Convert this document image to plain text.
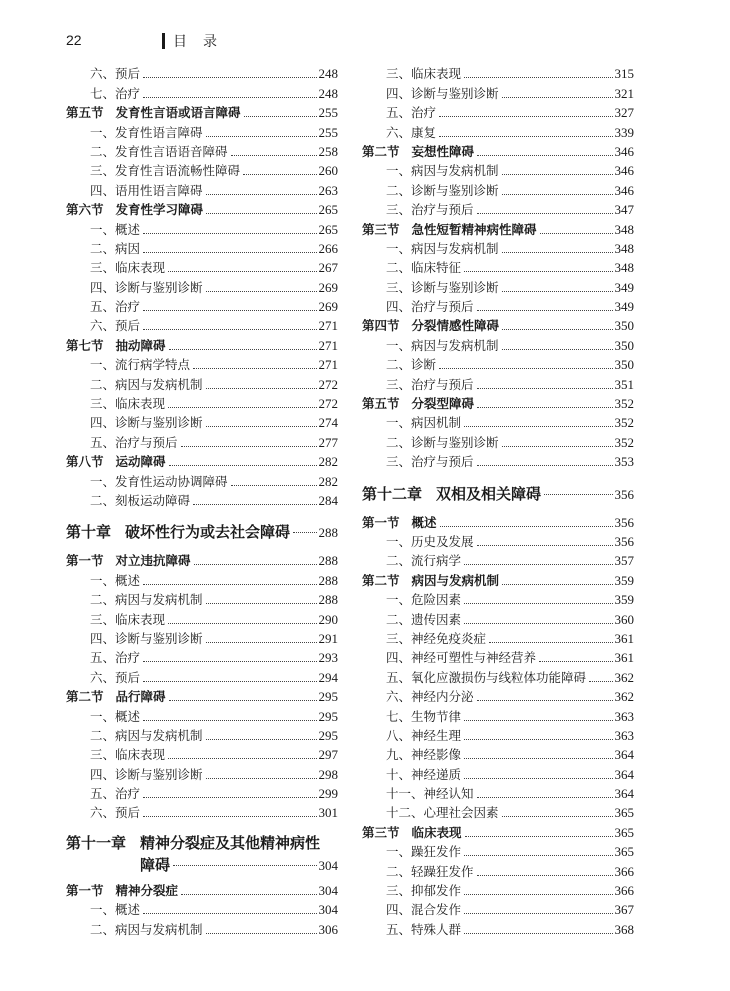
22	目录
六、预后	248
七、治疗	248
第五节 发育性言语或语言障碍	255
一、发育性语言障碍	255
二、发育性言语语音障碍	258
三、发育性言语流畅性障碍	260
四、语用性语言障碍	263
第六节 发育性学习障碍	265
一、概述	265
二、病因	266
三、临床表现	267
四、诊断与鉴别诊断	269
五、治疗	269
六、预后	271
第七节 抽动障碍	271
一、流行病学特点	271
二、病因与发病机制	272
三、临床表现	272
四、诊断与鉴别诊断	274
五、治疗与预后	277
第八节 运动障碍	282
一、发育性运动协调障碍	282
二、刻板运动障碍	284
第十章 破坏性行为或去社会障碍 288
第一节 对立违抗障碍	288
一、概述	288
二、病因与发病机制	288
三、临床表现	290
四、诊断与鉴别诊断	291
五、治疗	293
六、预后	294
第二节 品行障碍	295
一、概述	295
二、病因与发病机制	295
三、临床表现	297
四、诊断与鉴别诊断	298
五、治疗	299
六、预后	301
第十一章 精神分裂症及其他精神病性
障碍	304
第一节 精神分裂症	304
一、概述	304
二、病因与发病机制	306
三、临床表现	315
四、诊断与鉴别诊断	321
五、治疗	327
六、康复	339
第二节 妄想性障碍	346
一、病因与发病机制	346
二、诊断与鉴别诊断	346
三、治疗与预后	347
第三节 急性短暂精神病性障碍	348
一、病因与发病机制	348
二、临床特征	348
三、诊断与鉴别诊断	349
四、治疗与预后	349
第四节 分裂情感性障碍	350
一、病因与发病机制	350
二、诊断	350
三、治疗与预后	351
第五节 分裂型障碍	352
一、病因机制	352
二、诊断与鉴别诊断	352
三、治疗与预后	353
第十二章 双相及相关障碍	356
第一节 概述	356
一、历史及发展	356
二、流行病学	357
第二节 病因与发病机制	359
一、危险因素	359
二、遗传因素	360
三、神经免疫炎症	361
四、神经可塑性与神经营养	361
五、氧化应激损伤与线粒体功能障碍 362
六、神经内分泌	362
七、生物节律	363
八、神经生理	363
九、神经影像	364
十、神经递质	364
十一、神经认知	364
十二、心理社会因素	365
第三节 临床表现	365
一、躁狂发作	365
二、轻躁狂发作	366
三、抑郁发作	366
四、混合发作	367
五、特殊人群	368
